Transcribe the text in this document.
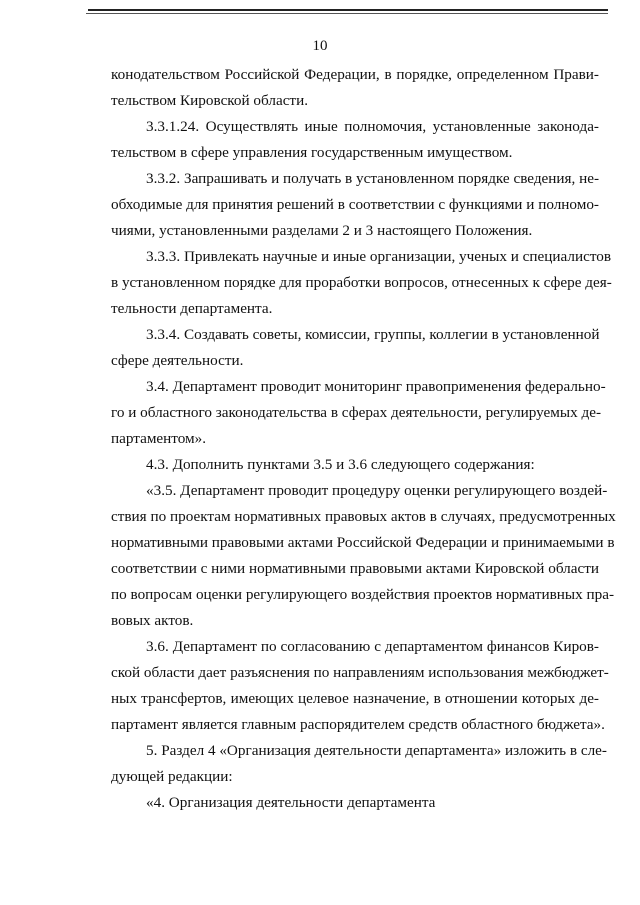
10
конодательством Российской Федерации, в порядке, определенном Прави-
тельством Кировской области.
3.3.1.24. Осуществлять иные полномочия, установленные законода-
тельством в сфере управления государственным имуществом.
3.3.2. Запрашивать и получать в установленном порядке сведения, не-
обходимые для принятия решений в соответствии с функциями и полномо-
чиями, установленными разделами 2 и 3 настоящего Положения.
3.3.3. Привлекать научные и иные организации, ученых и специалистов
в установленном порядке для проработки вопросов, отнесенных к сфере дея-
тельности департамента.
3.3.4. Создавать советы, комиссии, группы, коллегии в установленной
сфере деятельности.
3.4. Департамент проводит мониторинг правоприменения федерально-
го и областного законодательства в сферах деятельности, регулируемых де-
партаментом».
4.3. Дополнить пунктами 3.5 и 3.6 следующего содержания:
«3.5. Департамент проводит процедуру оценки регулирующего воздей-
ствия по проектам нормативных правовых актов в случаях, предусмотренных
нормативными правовыми актами Российской Федерации и принимаемыми в
соответствии с ними нормативными правовыми актами Кировской области
по вопросам оценки регулирующего воздействия проектов нормативных пра-
вовых актов.
3.6. Департамент по согласованию с департаментом финансов Киров-
ской области дает разъяснения по направлениям использования межбюджет-
ных трансфертов, имеющих целевое назначение, в отношении которых де-
партамент является главным распорядителем средств областного бюджета».
5. Раздел 4 «Организация деятельности департамента» изложить в сле-
дующей редакции:
«4. Организация деятельности департамента
